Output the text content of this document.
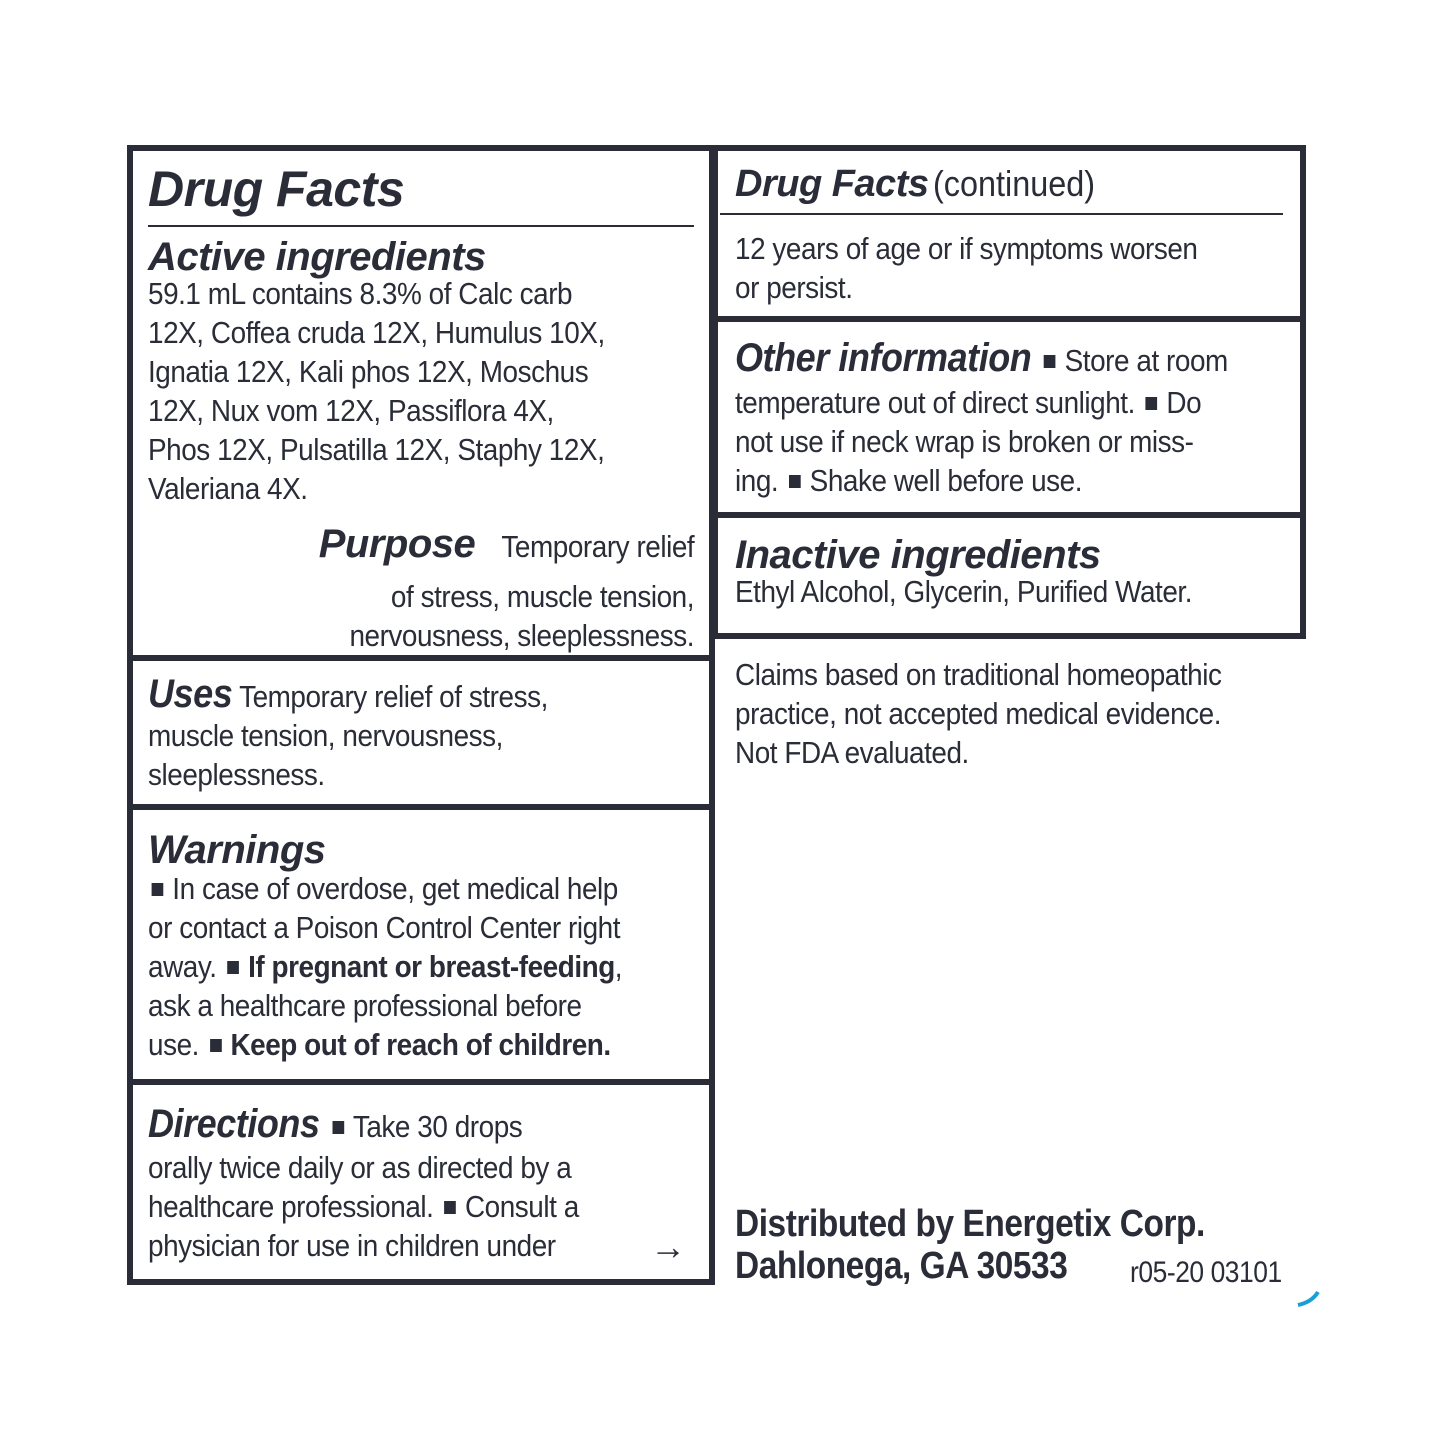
Drug Facts
Active ingredients
59.1 mL contains 8.3% of Calc carb
12X, Coffea cruda 12X, Humulus 10X,
Ignatia 12X, Kali phos 12X, Moschus
12X, Nux vom 12X, Passiflora 4X,
Phos 12X, Pulsatilla 12X, Staphy 12X,
Valeriana 4X.
Purpose Temporary relief
of stress, muscle tension,
nervousness, sleeplessness.
Uses Temporary relief of stress,
muscle tension, nervousness,
sleeplessness.
Warnings
In case of overdose, get medical help
or contact a Poison Control Center right
away. If pregnant or breast-feeding,
ask a healthcare professional before
use. Keep out of reach of children.
Directions Take 30 drops
orally twice daily or as directed by a
healthcare professional. Consult a
physician for use in children under	→
Drug Facts (continued)
12 years of age or if symptoms worsen
or persist.
Other information Store at room
temperature out of direct sunlight. Do
not use if neck wrap is broken or miss-
ing. Shake well before use.
Inactive ingredients
Ethyl Alcohol, Glycerin, Purified Water.
Claims based on traditional homeopathic
practice, not accepted medical evidence.
Not FDA evaluated.
Distributed by Energetix Corp.
Dahlonega, GA 30533	r05-20 03101
